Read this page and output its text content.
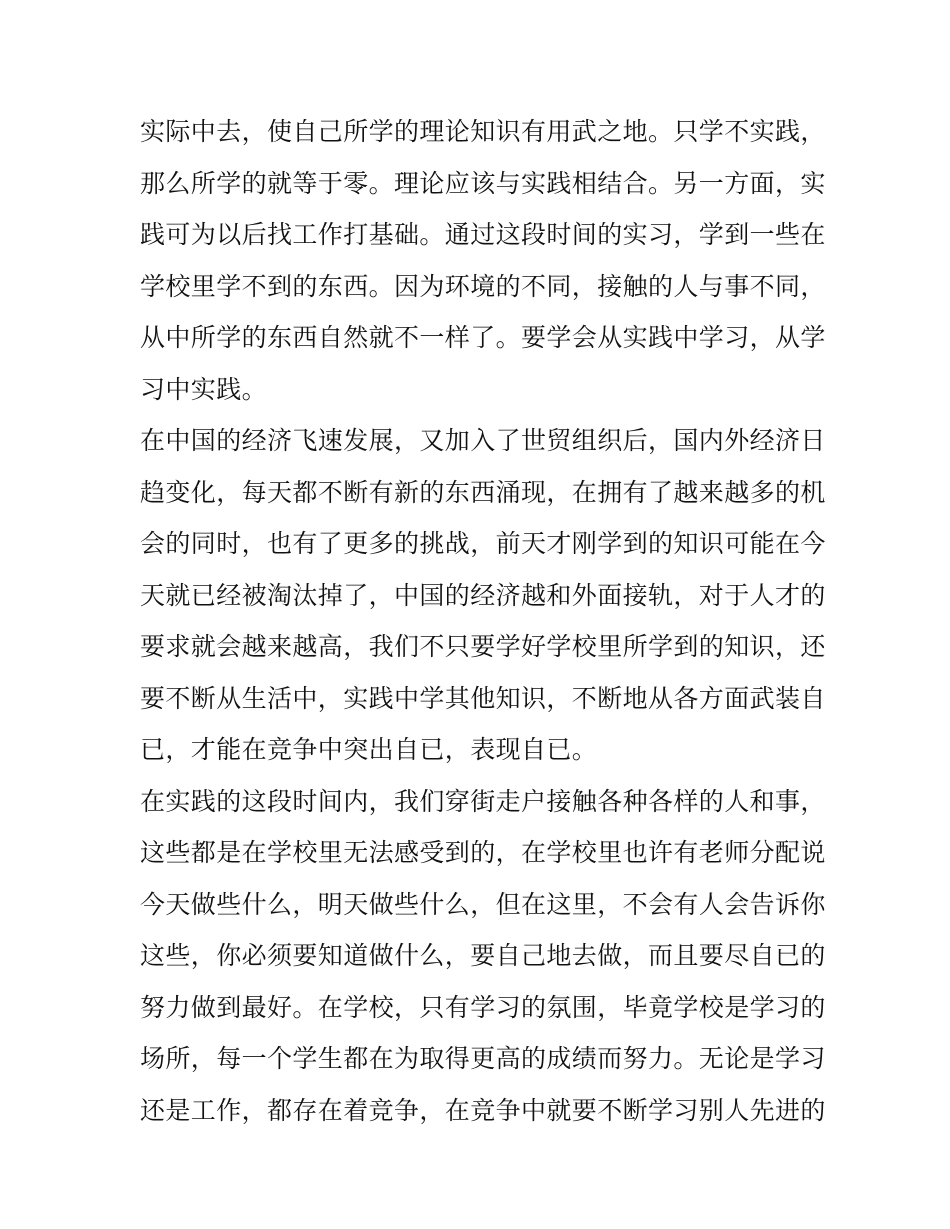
实际中去，使自己所学的理论知识有用武之地。只学不实践，
那么所学的就等于零。理论应该与实践相结合。另一方面，实
践可为以后找工作打基础。通过这段时间的实习，学到一些在
学校里学不到的东西。因为环境的不同，接触的人与事不同，
从中所学的东西自然就不一样了。要学会从实践中学习，从学
习中实践。
在中国的经济飞速发展，又加入了世贸组织后，国内外经济日
趋变化，每天都不断有新的东西涌现，在拥有了越来越多的机
会的同时，也有了更多的挑战，前天才刚学到的知识可能在今
天就已经被淘汰掉了，中国的经济越和外面接轨，对于人才的
要求就会越来越高，我们不只要学好学校里所学到的知识，还
要不断从生活中，实践中学其他知识，不断地从各方面武装自
已，才能在竞争中突出自已，表现自已。
在实践的这段时间内，我们穿街走户接触各种各样的人和事，
这些都是在学校里无法感受到的，在学校里也许有老师分配说
今天做些什么，明天做些什么，但在这里，不会有人会告诉你
这些，你必须要知道做什么，要自己地去做，而且要尽自已的
努力做到最好。在学校，只有学习的氛围，毕竟学校是学习的
场所，每一个学生都在为取得更高的成绩而努力。无论是学习
还是工作，都存在着竞争，在竞争中就要不断学习别人先进的
